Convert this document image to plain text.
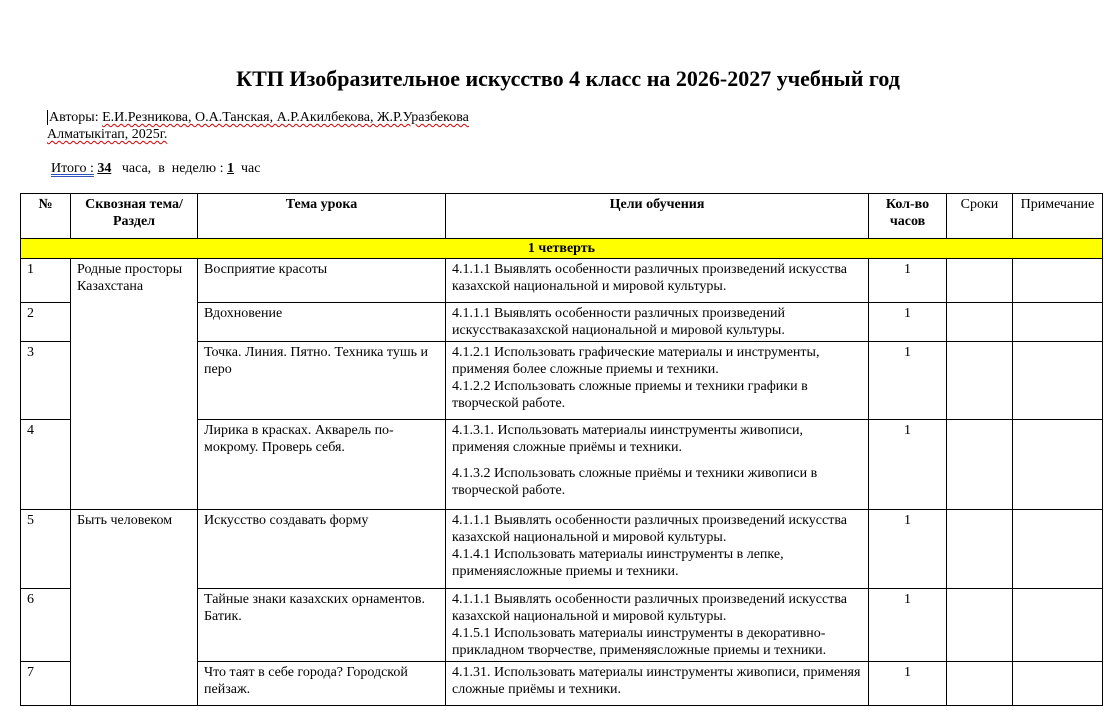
КТП Изобразительное искусство 4 класс на 2026-2027 учебный год
Авторы: Е.И.Резникова, О.А.Танская, А.Р.Акилбекова, Ж.Р.Уразбекова
Алматыкітап, 2025г.
Итого : 34 часа, в  неделю : 1 час
№	Сквозная тема/ Раздел	Тема урока	Цели обучения	Кол-во часов	Сроки	Примечание
1 четверть						
1	Родные просторы Казахстана	Восприятие красоты	4.1.1.1 Выявлять особенности различных произведений искусства казахской национальной и мировой культуры.	1		
2		Вдохновение	4.1.1.1 Выявлять особенности различных произведений искусстваказахской национальной и мировой культуры.	1		
3		Точка. Линия. Пятно. Техника тушь и перо	4.1.2.1 Использовать графические материалы и инструменты, применяя более сложные приемы и техники.

4.1.2.2 Использовать сложные приемы и техники графики в творческой работе.	1		
4		Лирика в красках. Акварель по-мокрому. Проверь себя.	4.1.3.1. Использовать материалы иинструменты живописи, применяя сложные приёмы и техники.

4.1.3.2 Использовать сложные приёмы и техники живописи в творческой работе.	1		
5	Быть человеком	Искусство создавать форму	4.1.1.1 Выявлять особенности различных произведений искусства казахской национальной и мировой культуры.

4.1.4.1 Использовать материалы иинструменты в лепке, применяясложные приемы и техники.	1		
6		Тайные знаки казахских орнаментов. Батик.	4.1.1.1 Выявлять особенности различных произведений искусства казахской национальной и мировой культуры.

4.1.5.1 Использовать материалы иинструменты в декоративно-прикладном творчестве, применяясложные приемы и техники.	1		
7		Что таят в себе города? Городской пейзаж.	4.1.31. Использовать материалы иинструменты живописи, применяя сложные приёмы и техники.	1		
